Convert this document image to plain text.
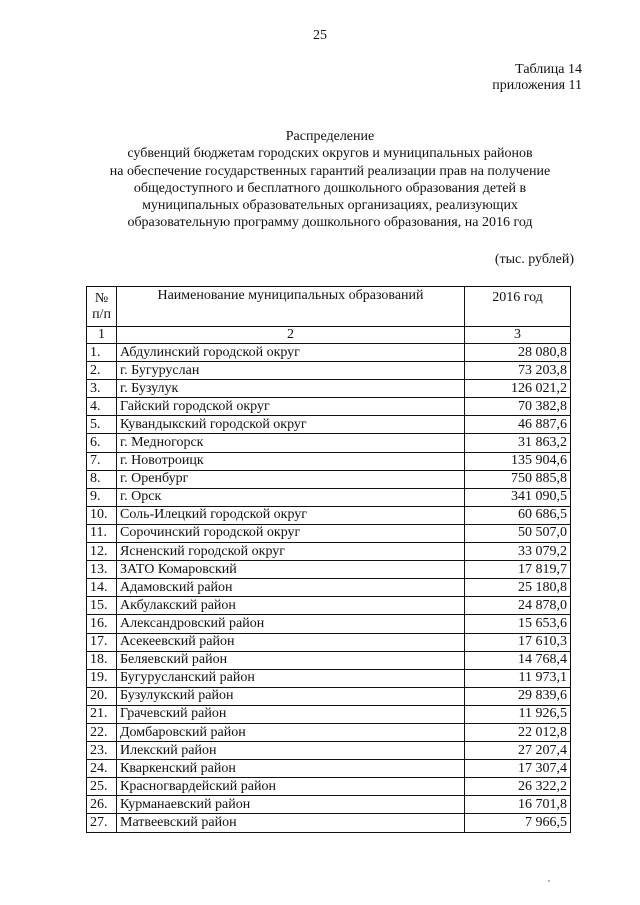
25
Таблица 14
приложения 11
Распределение
субвенций бюджетам городских округов и муниципальных районов
на обеспечение государственных гарантий реализации прав на получение
общедоступного и бесплатного дошкольного образования детей в
муниципальных образовательных организациях, реализующих
образовательную программу дошкольного образования, на 2016 год
(тыс. рублей)
№
п/п	Наименование муниципальных образований	2016 год
1	2	3
1.	Абдулинский городской округ	28 080,8
2.	г. Бугуруслан	73 203,8
3.	г. Бузулук	126 021,2
4.	Гайский городской округ	70 382,8
5.	Кувандыкский городской округ	46 887,6
6.	г. Медногорск	31 863,2
7.	г. Новотроицк	135 904,6
8.	г. Оренбург	750 885,8
9.	г. Орск	341 090,5
10.	Соль-Илецкий городской округ	60 686,5
11.	Сорочинский городской округ	50 507,0
12.	Ясненский городской округ	33 079,2
13.	ЗАТО Комаровский	17 819,7
14.	Адамовский район	25 180,8
15.	Акбулакский район	24 878,0
16.	Александровский район	15 653,6
17.	Асекеевский район	17 610,3
18.	Беляевский район	14 768,4
19.	Бугурусланский район	11 973,1
20.	Бузулукский район	29 839,6
21.	Грачевский район	11 926,5
22.	Домбаровский район	22 012,8
23.	Илекский район	27 207,4
24.	Кваркенский район	17 307,4
25.	Красногвардейский район	26 322,2
26.	Курманаевский район	16 701,8
27.	Матвеевский район	7 966,5
